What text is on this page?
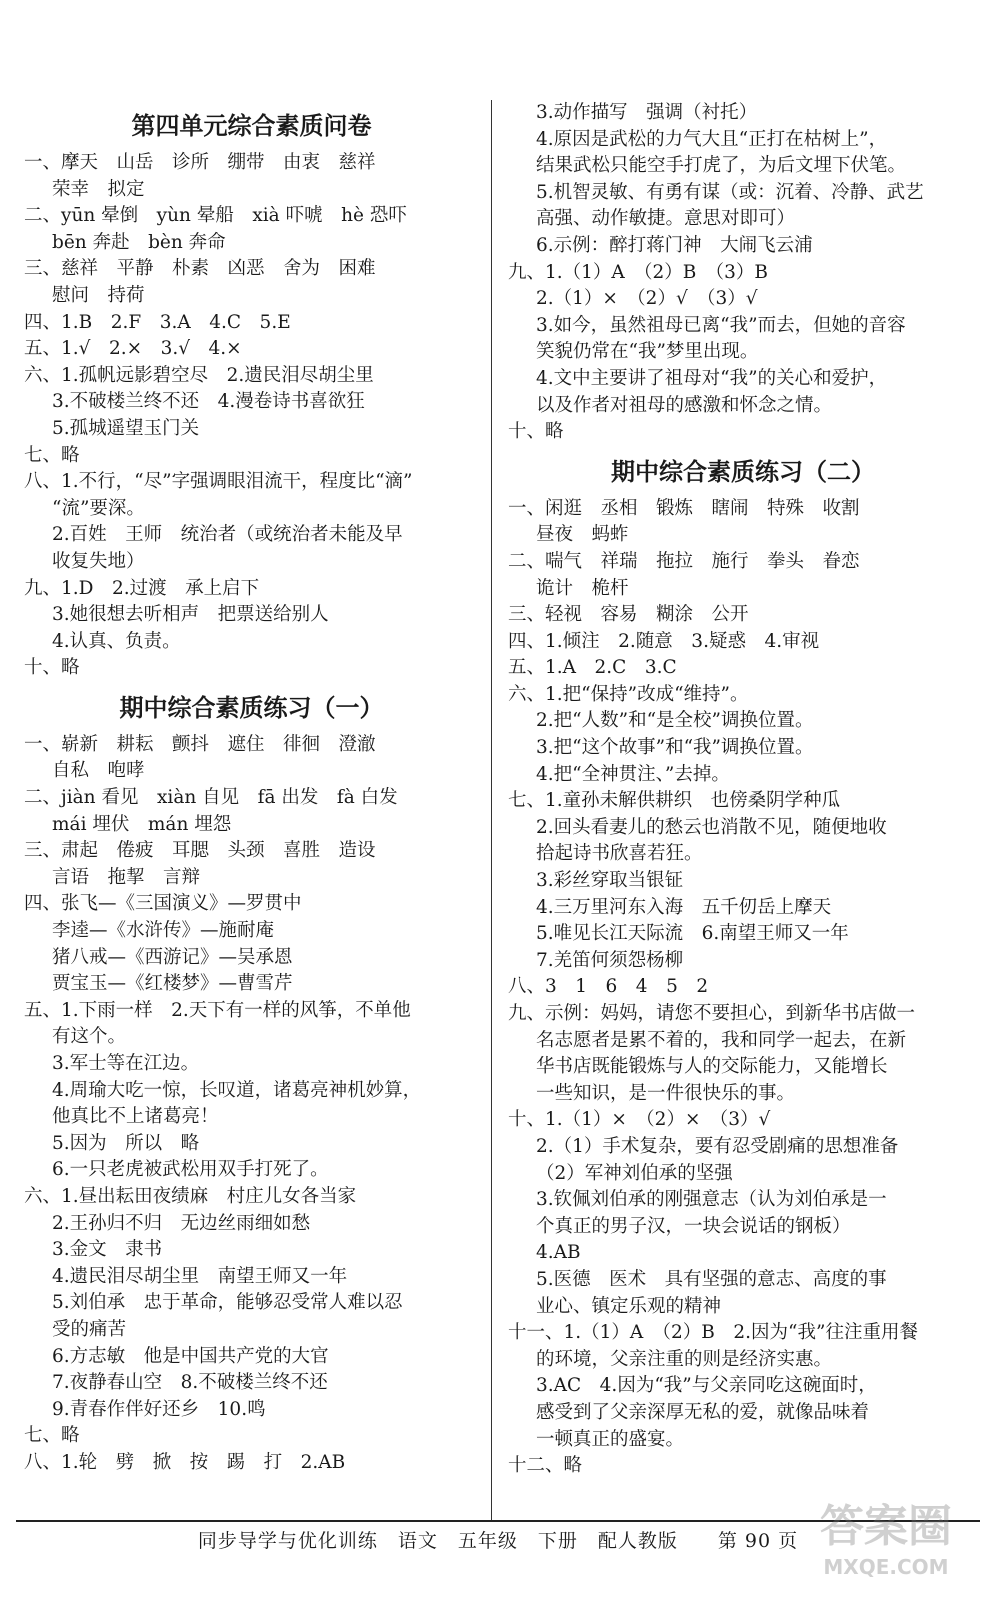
第四单元综合素质问卷
一、摩天　山岳　诊所　绷带　由衷　慈祥
荣幸　拟定
二、yūn 晕倒　yùn 晕船　xià 吓唬　hè 恐吓
bēn 奔赴　bèn 奔命
三、慈祥　平静　朴素　凶恶　舍为　困难
慰问　持荷
四、1.B　2.F　3.A　4.C　5.E
五、1.√　2.×　3.√　4.×
六、1.孤帆远影碧空尽　2.遗民泪尽胡尘里
3.不破楼兰终不还　4.漫卷诗书喜欲狂
5.孤城遥望玉门关
七、略
八、1.不行，“尽”字强调眼泪流干，程度比“滴”
“流”要深。
2.百姓　王师　统治者（或统治者未能及早
收复失地）
九、1.D　2.过渡　承上启下
3.她很想去听相声　把票送给别人
4.认真、负责。
十、略
期中综合素质练习（一）
一、崭新　耕耘　颤抖　遮住　徘徊　澄澈
自私　咆哮
二、jiàn 看见　xiàn 自见　fā 出发　fà 白发
mái 埋伏　mán 埋怨
三、肃起　倦疲　耳腮　头颈　喜胜　造设
言语　拖挈　言辩
四、张飞—《三国演义》—罗贯中
李逵—《水浒传》—施耐庵
猪八戒—《西游记》—吴承恩
贾宝玉—《红楼梦》—曹雪芹
五、1.下雨一样　2.天下有一样的风筝，不单他
有这个。
3.军士等在江边。
4.周瑜大吃一惊，长叹道，诸葛亮神机妙算，
他真比不上诸葛亮！
5.因为　所以　略
6.一只老虎被武松用双手打死了。
六、1.昼出耘田夜绩麻　村庄儿女各当家
2.王孙归不归　无边丝雨细如愁
3.金文　隶书
4.遗民泪尽胡尘里　南望王师又一年
5.刘伯承　忠于革命，能够忍受常人难以忍
受的痛苦
6.方志敏　他是中国共产党的大官
7.夜静春山空　8.不破楼兰终不还
9.青春作伴好还乡　10.鸣
七、略
八、1.轮　劈　掀　按　踢　打　2.AB
3.动作描写　强调（衬托）
4.原因是武松的力气大且“正打在枯树上”，
结果武松只能空手打虎了，为后文埋下伏笔。
5.机智灵敏、有勇有谋（或：沉着、冷静、武艺
高强、动作敏捷。意思对即可）
6.示例：醉打蒋门神　大闹飞云浦
九、1.（1）A　（2）B　（3）B
2.（1）×　（2）√　（3）√
3.如今，虽然祖母已离“我”而去，但她的音容
笑貌仍常在“我”梦里出现。
4.文中主要讲了祖母对“我”的关心和爱护，
以及作者对祖母的感激和怀念之情。
十、略
期中综合素质练习（二）
一、闲逛　丞相　锻炼　瞎闹　特殊　收割
昼夜　蚂蚱
二、喘气　祥瑞　拖拉　施行　拳头　眷恋
诡计　桅杆
三、轻视　容易　糊涂　公开
四、1.倾注　2.随意　3.疑惑　4.审视
五、1.A　2.C　3.C
六、1.把“保持”改成“维持”。
2.把“人数”和“是全校”调换位置。
3.把“这个故事”和“我”调换位置。
4.把“全神贯注、”去掉。
七、1.童孙未解供耕织　也傍桑阴学种瓜
2.回头看妻儿的愁云也消散不见，随便地收
拾起诗书欣喜若狂。
3.彩丝穿取当银钲
4.三万里河东入海　五千仞岳上摩天
5.唯见长江天际流　6.南望王师又一年
7.羌笛何须怨杨柳
八、3　1　6　4　5　2
九、示例：妈妈，请您不要担心，到新华书店做一
名志愿者是累不着的，我和同学一起去，在新
华书店既能锻炼与人的交际能力，又能增长
一些知识，是一件很快乐的事。
十、1.（1）×　（2）×　（3）√
2.（1）手术复杂，要有忍受剧痛的思想准备
（2）军神刘伯承的坚强
3.钦佩刘伯承的刚强意志（认为刘伯承是一
个真正的男子汉，一块会说话的钢板）
4.AB
5.医德　医术　具有坚强的意志、高度的事
业心、镇定乐观的精神
十一、1.（1）A　（2）B　2.因为“我”往注重用餐
的环境，父亲注重的则是经济实惠。
3.AC　4.因为“我”与父亲同吃这碗面时，
感受到了父亲深厚无私的爱，就像品味着
一顿真正的盛宴。
十二、略
同步导学与优化训练　语文　五年级　下册　配人教版　　第 90 页 答案圈
MXQE.COM
